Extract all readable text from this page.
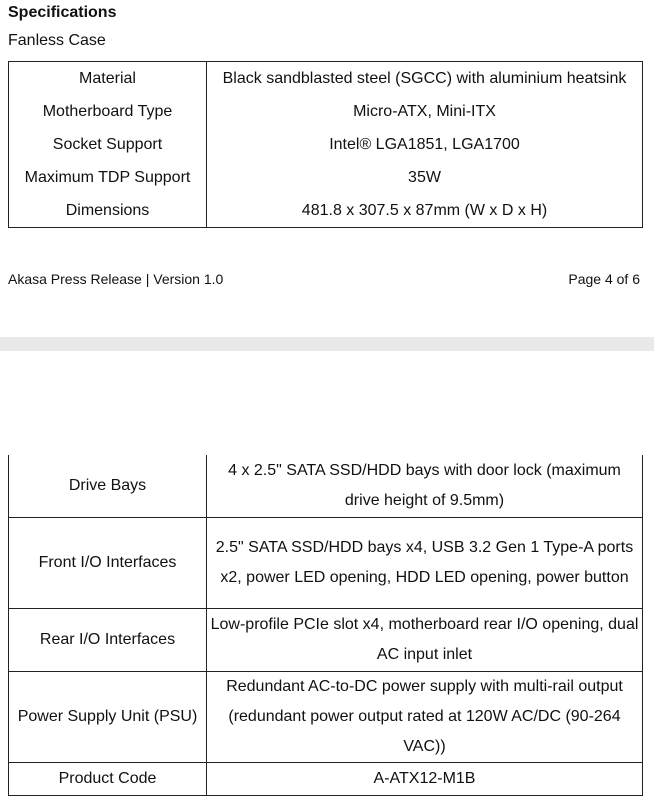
Specifications
Fanless Case
Material	Black sandblasted steel (SGCC) with aluminium heatsink
Motherboard Type	Micro-ATX, Mini-ITX
Socket Support	Intel® LGA1851, LGA1700
Maximum TDP Support	35W
Dimensions	481.8 x 307.5 x 87mm (W x D x H)
Akasa Press Release | Version 1.0	Page 4 of 6
Drive Bays	4 x 2.5" SATA SSD/HDD bays with door lock (maximum drive height of 9.5mm)
Front I/O Interfaces	2.5" SATA SSD/HDD bays x4, USB 3.2 Gen 1 Type-A ports x2, power LED opening, HDD LED opening, power button
Rear I/O Interfaces	Low-profile PCIe slot x4, motherboard rear I/O opening, dual AC input inlet
Power Supply Unit (PSU)	Redundant AC-to-DC power supply with multi-rail output (redundant power output rated at 120W AC/DC (90-264 VAC))
Product Code	A-ATX12-M1B
